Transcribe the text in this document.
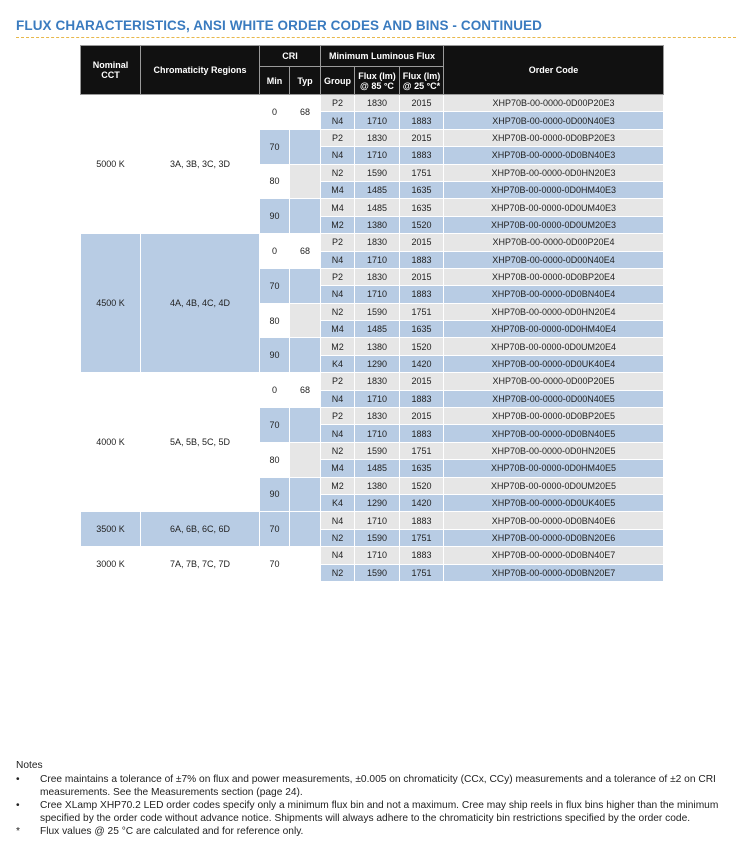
FLUX CHARACTERISTICS, ANSI WHITE ORDER CODES AND BINS - CONTINUED
Nominal CCT	Chromaticity Regions	CRI		Minimum Luminous Flux			Order Code
		Min	Typ	Group	Flux (lm) @ 85 °C	Flux (lm) @ 25 °C*	
5000 K	3A, 3B, 3C, 3D	0	68	P2	1830	2015	XHP70B-00-0000-0D00P20E3
				N4	1710	1883	XHP70B-00-0000-0D00N40E3
		70		P2	1830	2015	XHP70B-00-0000-0D0BP20E3
				N4	1710	1883	XHP70B-00-0000-0D0BN40E3
		80		N2	1590	1751	XHP70B-00-0000-0D0HN20E3
				M4	1485	1635	XHP70B-00-0000-0D0HM40E3
		90		M4	1485	1635	XHP70B-00-0000-0D0UM40E3
				M2	1380	1520	XHP70B-00-0000-0D0UM20E3
4500 K	4A, 4B, 4C, 4D	0	68	P2	1830	2015	XHP70B-00-0000-0D00P20E4
				N4	1710	1883	XHP70B-00-0000-0D00N40E4
		70		P2	1830	2015	XHP70B-00-0000-0D0BP20E4
				N4	1710	1883	XHP70B-00-0000-0D0BN40E4
		80		N2	1590	1751	XHP70B-00-0000-0D0HN20E4
				M4	1485	1635	XHP70B-00-0000-0D0HM40E4
		90		M2	1380	1520	XHP70B-00-0000-0D0UM20E4
				K4	1290	1420	XHP70B-00-0000-0D0UK40E4
4000 K	5A, 5B, 5C, 5D	0	68	P2	1830	2015	XHP70B-00-0000-0D00P20E5
				N4	1710	1883	XHP70B-00-0000-0D00N40E5
		70		P2	1830	2015	XHP70B-00-0000-0D0BP20E5
				N4	1710	1883	XHP70B-00-0000-0D0BN40E5
		80		N2	1590	1751	XHP70B-00-0000-0D0HN20E5
				M4	1485	1635	XHP70B-00-0000-0D0HM40E5
		90		M2	1380	1520	XHP70B-00-0000-0D0UM20E5
				K4	1290	1420	XHP70B-00-0000-0D0UK40E5
3500 K	6A, 6B, 6C, 6D	70		N4	1710	1883	XHP70B-00-0000-0D0BN40E6
				N2	1590	1751	XHP70B-00-0000-0D0BN20E6
3000 K	7A, 7B, 7C, 7D	70		N4	1710	1883	XHP70B-00-0000-0D0BN40E7
				N2	1590	1751	XHP70B-00-0000-0D0BN20E7
Notes
• Cree maintains a tolerance of ±7% on flux and power measurements, ±0.005 on chromaticity (CCx, CCy) measurements and a tolerance of ±2 on CRI measurements. See the Measurements section (page 24).
• Cree XLamp XHP70.2 LED order codes specify only a minimum flux bin and not a maximum. Cree may ship reels in flux bins higher than the minimum specified by the order code without advance notice. Shipments will always adhere to the chromaticity bin restrictions specified by the order code.
* Flux values @ 25 °C are calculated and for reference only.
